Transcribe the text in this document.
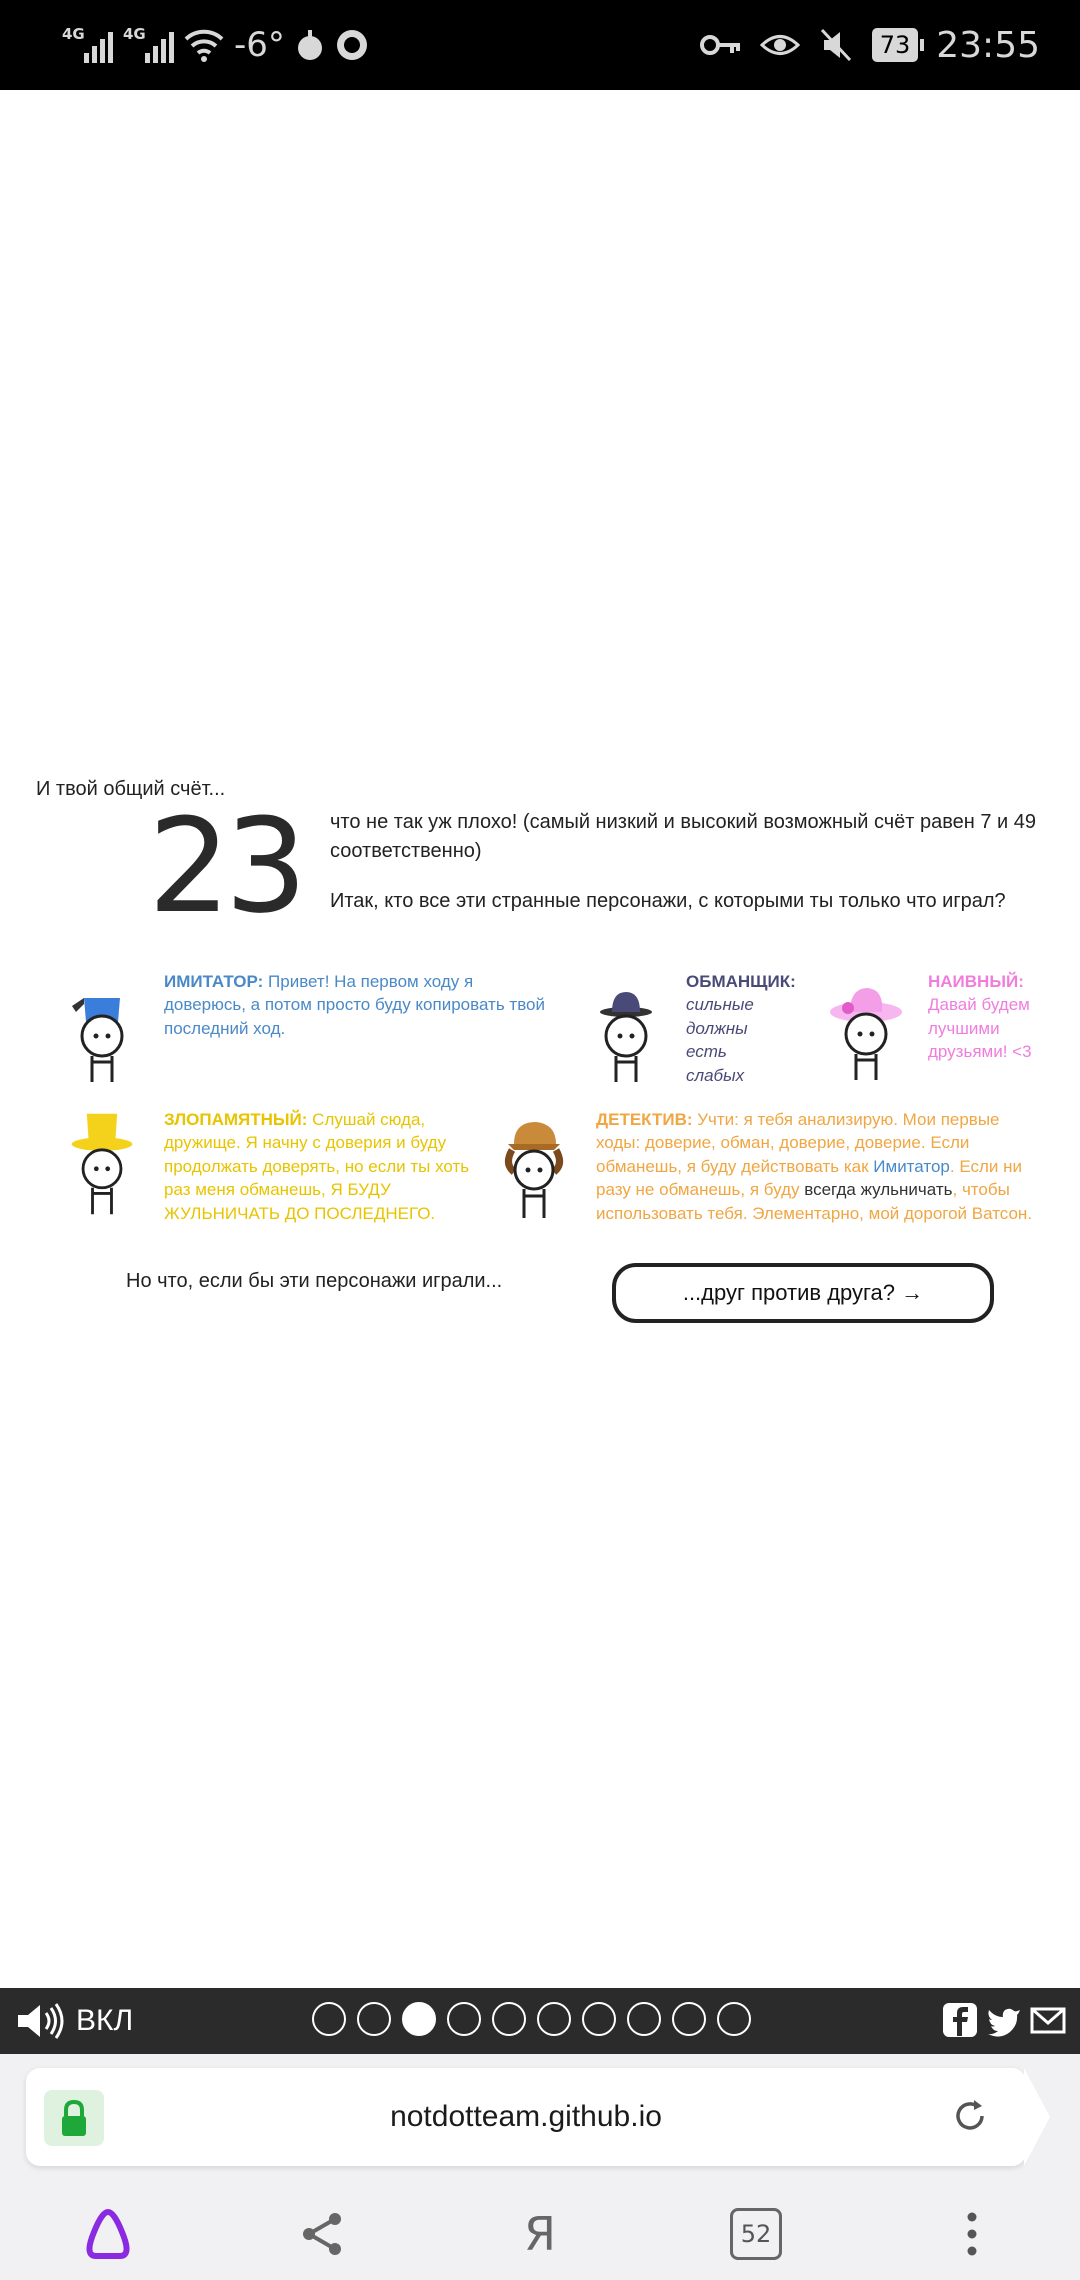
4G	4G	-6°	73 23:55
И твой общий счёт...
23	что не так уж плохо! (самый низкий и высокий возможный счёт равен 7 и 49 соответственно)
Итак, кто все эти странные персонажи, с которыми ты только что играл?
ИМИТАТОР: Привет! На первом ходу я доверюсь, а потом просто буду копировать твой последний ход.
ОБМАНЩИК:
сильные
должны
есть
слабых
НАИВНЫЙ:
Давай будем лучшими друзьями! <3
ЗЛОПАМЯТНЫЙ: Слушай сюда, дружище. Я начну с доверия и буду продолжать доверять, но если ты хоть раз меня обманешь, Я БУДУ ЖУЛЬНИЧАТЬ ДО ПОСЛЕДНЕГО.
ДЕТЕКТИВ: Учти: я тебя анализирую. Мои первые ходы: доверие, обман, доверие, доверие. Если обманешь, я буду действовать как Имитатор. Если ни разу не обманешь, я буду всегда жульничать, чтобы использовать тебя. Элементарно, мой дорогой Ватсон.
Но что, если бы эти персонажи играли...	...друг против друга? →
ВКЛ
notdotteam.github.io
Я	52
